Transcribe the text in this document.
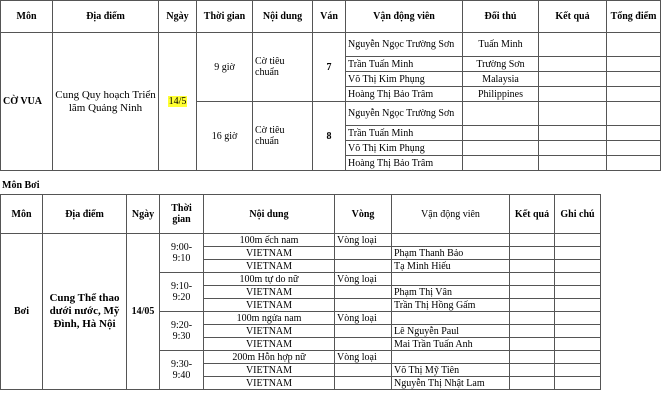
Môn	Địa điểm	Ngày	Thời gian	Nội dung	Ván	Vận động viên	Đối thủ	Kết quả	Tổng điểm
CỜ VUA	Cung Quy hoạch Triển lãm Quảng Ninh	14/5	9 giờ	Cờ tiêu chuẩn	7	Nguyễn Ngọc Trường Sơn	Tuấn Minh		
						Trần Tuấn Minh	Trường Sơn		
						Võ Thị Kim Phụng	Malaysia		
						Hoàng Thị Bảo Trâm	Philippines		
			16 giờ	Cờ tiêu chuẩn	8	Nguyễn Ngọc Trường Sơn			
						Trần Tuấn Minh			
						Võ Thị Kim Phụng			
						Hoàng Thị Bảo Trâm			
Môn Bơi
Môn	Địa điểm	Ngày	Thời gian	Nội dung	Vòng	Vận động viên	Kết quả	Ghi chú
Bơi	Cung Thể thao dưới nước, Mỹ Đình, Hà Nội	14/05	9:00- 9:10	100m ếch nam	Vòng loại			
				VIETNAM		Phạm Thanh Bảo		
				VIETNAM		Tạ Minh Hiếu		
			9:10- 9:20	100m tự do nữ	Vòng loại			
				VIETNAM		Phạm Thị Vân		
				VIETNAM		Trần Thị Hồng Gấm		
			9:20- 9:30	100m ngửa nam	Vòng loại			
				VIETNAM		Lê Nguyễn Paul		
				VIETNAM		Mai Trần Tuấn Anh		
			9:30- 9:40	200m Hỗn hợp nữ	Vòng loại			
				VIETNAM		Võ Thị Mỹ Tiên		
				VIETNAM		Nguyễn Thị Nhật Lam		
